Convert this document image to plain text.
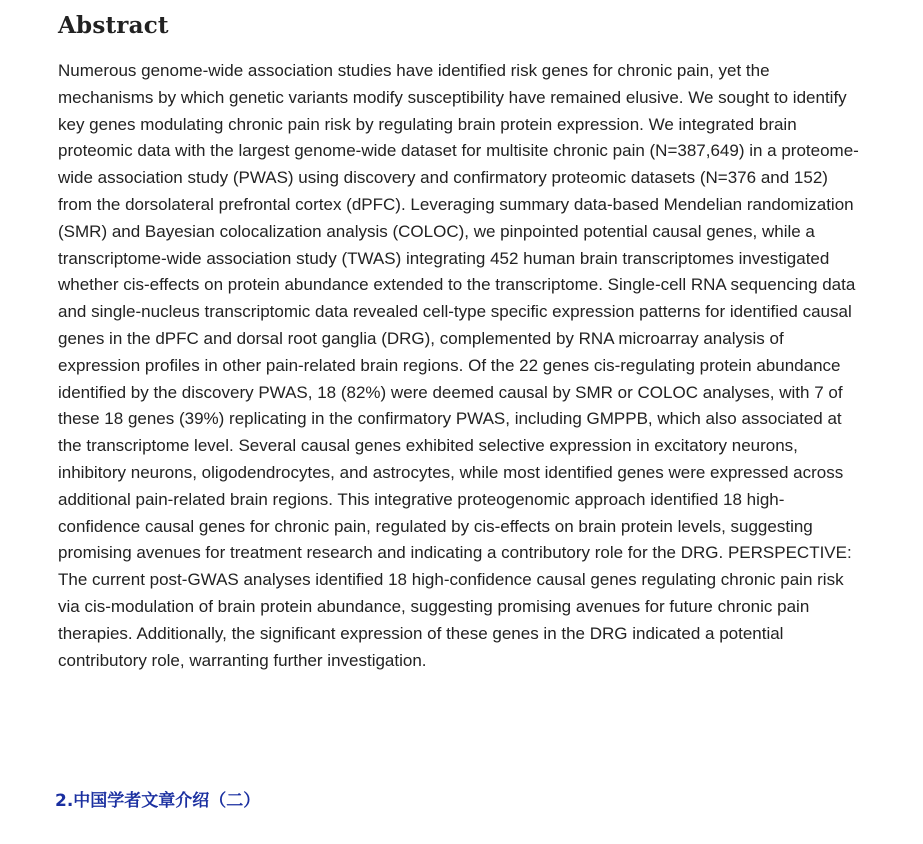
Abstract

Numerous genome-wide association studies have identified risk genes for chronic pain, yet the mechanisms by which genetic variants modify susceptibility have remained elusive. We sought to identify key genes modulating chronic pain risk by regulating brain protein expression. We integrated brain proteomic data with the largest genome-wide dataset for multisite chronic pain (N=387,649) in a proteome-wide association study (PWAS) using discovery and confirmatory proteomic datasets (N=376 and 152) from the dorsolateral prefrontal cortex (dPFC). Leveraging summary data-based Mendelian randomization (SMR) and Bayesian colocalization analysis (COLOC), we pinpointed potential causal genes, while a transcriptome-wide association study (TWAS) integrating 452 human brain transcriptomes investigated whether cis-effects on protein abundance extended to the transcriptome. Single-cell RNA sequencing data and single-nucleus transcriptomic data revealed cell-type specific expression patterns for identified causal genes in the dPFC and dorsal root ganglia (DRG), complemented by RNA microarray analysis of expression profiles in other pain-related brain regions. Of the 22 genes cis-regulating protein abundance identified by the discovery PWAS, 18 (82%) were deemed causal by SMR or COLOC analyses, with 7 of these 18 genes (39%) replicating in the confirmatory PWAS, including GMPPB, which also associated at the transcriptome level. Several causal genes exhibited selective expression in excitatory neurons, inhibitory neurons, oligodendrocytes, and astrocytes, while most identified genes were expressed across additional pain-related brain regions. This integrative proteogenomic approach identified 18 high-confidence causal genes for chronic pain, regulated by cis-effects on brain protein levels, suggesting promising avenues for treatment research and indicating a contributory role for the DRG. PERSPECTIVE: The current post-GWAS analyses identified 18 high-confidence causal genes regulating chronic pain risk via cis-modulation of brain protein abundance, suggesting promising avenues for future chronic pain therapies. Additionally, the significant expression of these genes in the DRG indicated a potential contributory role, warranting further investigation.

2.中国学者文章介绍（二）
